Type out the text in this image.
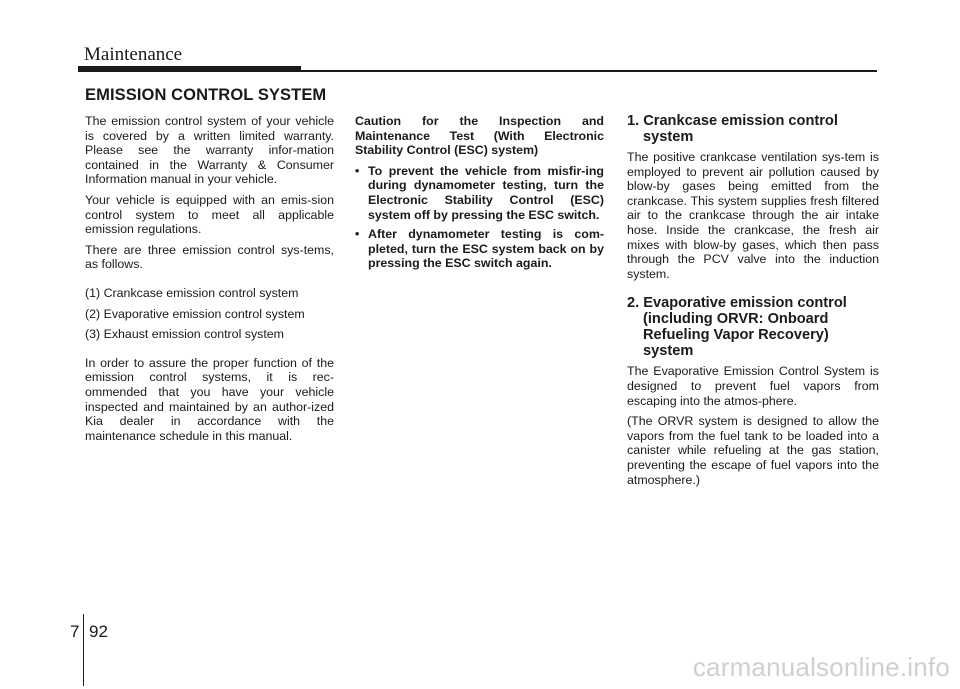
Maintenance
EMISSION CONTROL SYSTEM

The emission control system of your vehicle is covered by a written limited warranty. Please see the warranty infor-mation contained in the Warranty & Consumer Information manual in your vehicle.

Your vehicle is equipped with an emis-sion control system to meet all applicable emission regulations.

There are three emission control sys-tems, as follows.

(1) Crankcase emission control system

(2) Evaporative emission control system

(3) Exhaust emission control system

In order to assure the proper function of the emission control systems, it is rec-ommended that you have your vehicle inspected and maintained by an author-ized Kia dealer in accordance with the maintenance schedule in this manual.

Caution for the Inspection and Maintenance Test (With Electronic Stability Control (ESC) system)

• To prevent the vehicle from misfir-ing during dynamometer testing, turn the Electronic Stability Control (ESC) system off by pressing the ESC switch.
• After dynamometer testing is com-pleted, turn the ESC system back on by pressing the ESC switch again.
1. Crankcase emission control system

The positive crankcase ventilation sys-tem is employed to prevent air pollution caused by blow-by gases being emitted from the crankcase. This system supplies fresh filtered air to the crankcase through the air intake hose. Inside the crankcase, the fresh air mixes with blow-by gases, which then pass through the PCV valve into the induction system.

2. Evaporative emission control (including ORVR: Onboard Refueling Vapor Recovery) system

The Evaporative Emission Control System is designed to prevent fuel vapors from escaping into the atmos-phere.

(The ORVR system is designed to allow the vapors from the fuel tank to be loaded into a canister while refueling at the gas station, preventing the escape of fuel vapors into the atmosphere.)

7 92
carmanualsonline.info
